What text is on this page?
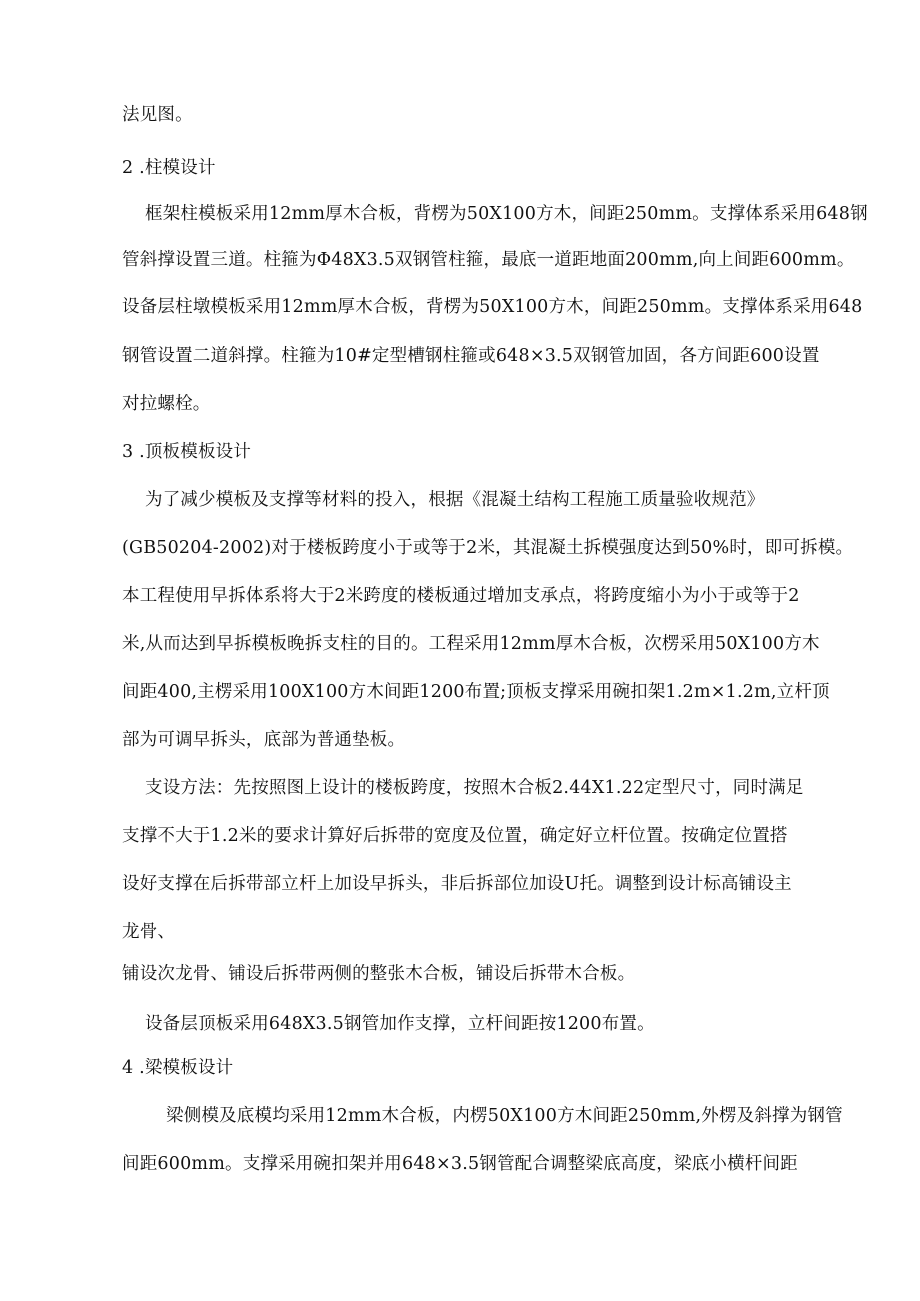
法见图。
2 .柱模设计
框架柱模板采用12mm厚木合板，背楞为50X100方木，间距250mm。支撑体系采用648钢
管斜撑设置三道。柱箍为Φ48X3.5双钢管柱箍，最底一道距地面200mm,向上间距600mm。
设备层柱墩模板采用12mm厚木合板，背楞为50X100方木，间距250mm。支撑体系采用648
钢管设置二道斜撑。柱箍为10#定型槽钢柱箍或648×3.5双钢管加固，各方间距600设置
对拉螺栓。
3 .顶板模板设计
为了减少模板及支撑等材料的投入，根据《混凝土结构工程施工质量验收规范》
(GB50204-2002)对于楼板跨度小于或等于2米，其混凝土拆模强度达到50%时，即可拆模。
本工程使用早拆体系将大于2米跨度的楼板通过增加支承点，将跨度缩小为小于或等于2
米,从而达到早拆模板晚拆支柱的目的。工程采用12mm厚木合板，次楞采用50X100方木
间距400,主楞采用100X100方木间距1200布置;顶板支撑采用碗扣架1.2m×1.2m,立杆顶
部为可调早拆头，底部为普通垫板。
支设方法：先按照图上设计的楼板跨度，按照木合板2.44X1.22定型尺寸，同时满足
支撑不大于1.2米的要求计算好后拆带的宽度及位置，确定好立杆位置。按确定位置搭
设好支撑在后拆带部立杆上加设早拆头，非后拆部位加设U托。调整到设计标高铺设主
龙骨、
铺设次龙骨、铺设后拆带两侧的整张木合板，铺设后拆带木合板。
设备层顶板采用648X3.5钢管加作支撑，立杆间距按1200布置。
4 .梁模板设计
梁侧模及底模均采用12mm木合板，内楞50X100方木间距250mm,外楞及斜撑为钢管
间距600mm。支撑采用碗扣架并用648×3.5钢管配合调整梁底高度，梁底小横杆间距
